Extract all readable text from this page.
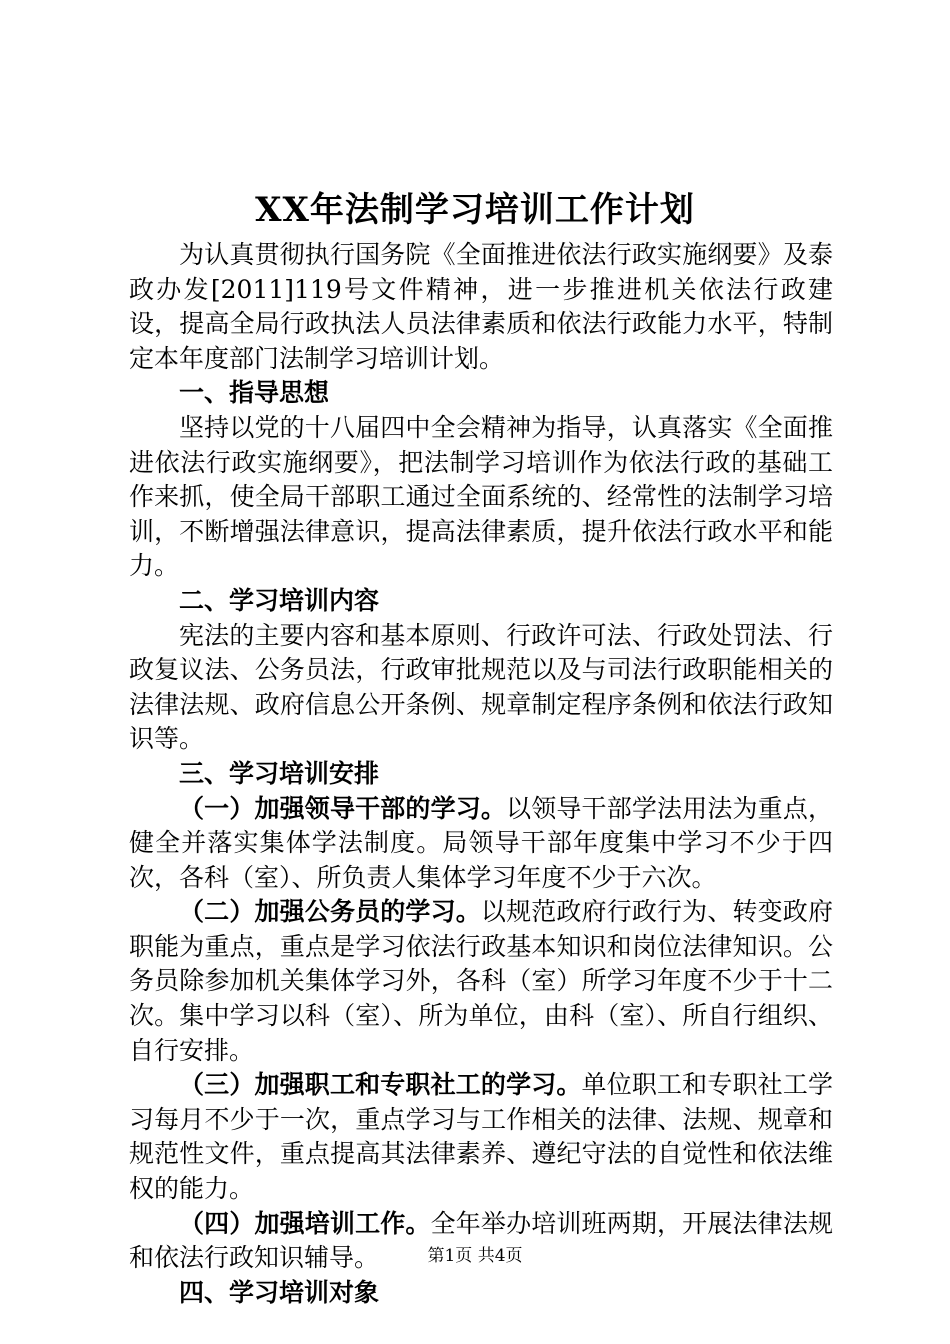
XX年法制学习培训工作计划

为认真贯彻执行国务院《全面推进依法行政实施纲要》及泰政办发[2011]119号文件精神，进一步推进机关依法行政建设，提高全局行政执法人员法律素质和依法行政能力水平，特制定本年度部门法制学习培训计划。

一、指导思想

坚持以党的十八届四中全会精神为指导，认真落实《全面推进依法行政实施纲要》，把法制学习培训作为依法行政的基础工作来抓，使全局干部职工通过全面系统的、经常性的法制学习培训，不断增强法律意识，提高法律素质，提升依法行政水平和能力。

二、学习培训内容

宪法的主要内容和基本原则、行政许可法、行政处罚法、行政复议法、公务员法，行政审批规范以及与司法行政职能相关的法律法规、政府信息公开条例、规章制定程序条例和依法行政知识等。

三、学习培训安排

（一）加强领导干部的学习。以领导干部学法用法为重点，健全并落实集体学法制度。局领导干部年度集中学习不少于四次，各科（室）、所负责人集体学习年度不少于六次。

（二）加强公务员的学习。以规范政府行政行为、转变政府职能为重点，重点是学习依法行政基本知识和岗位法律知识。公务员除参加机关集体学习外，各科（室）所学习年度不少于十二次。集中学习以科（室）、所为单位，由科（室）、所自行组织、自行安排。

（三）加强职工和专职社工的学习。单位职工和专职社工学习每月不少于一次，重点学习与工作相关的法律、法规、规章和规范性文件，重点提高其法律素养、遵纪守法的自觉性和依法维权的能力。

（四）加强培训工作。全年举办培训班两期，开展法律法规和依法行政知识辅导。

四、学习培训对象

第1页 共4页
